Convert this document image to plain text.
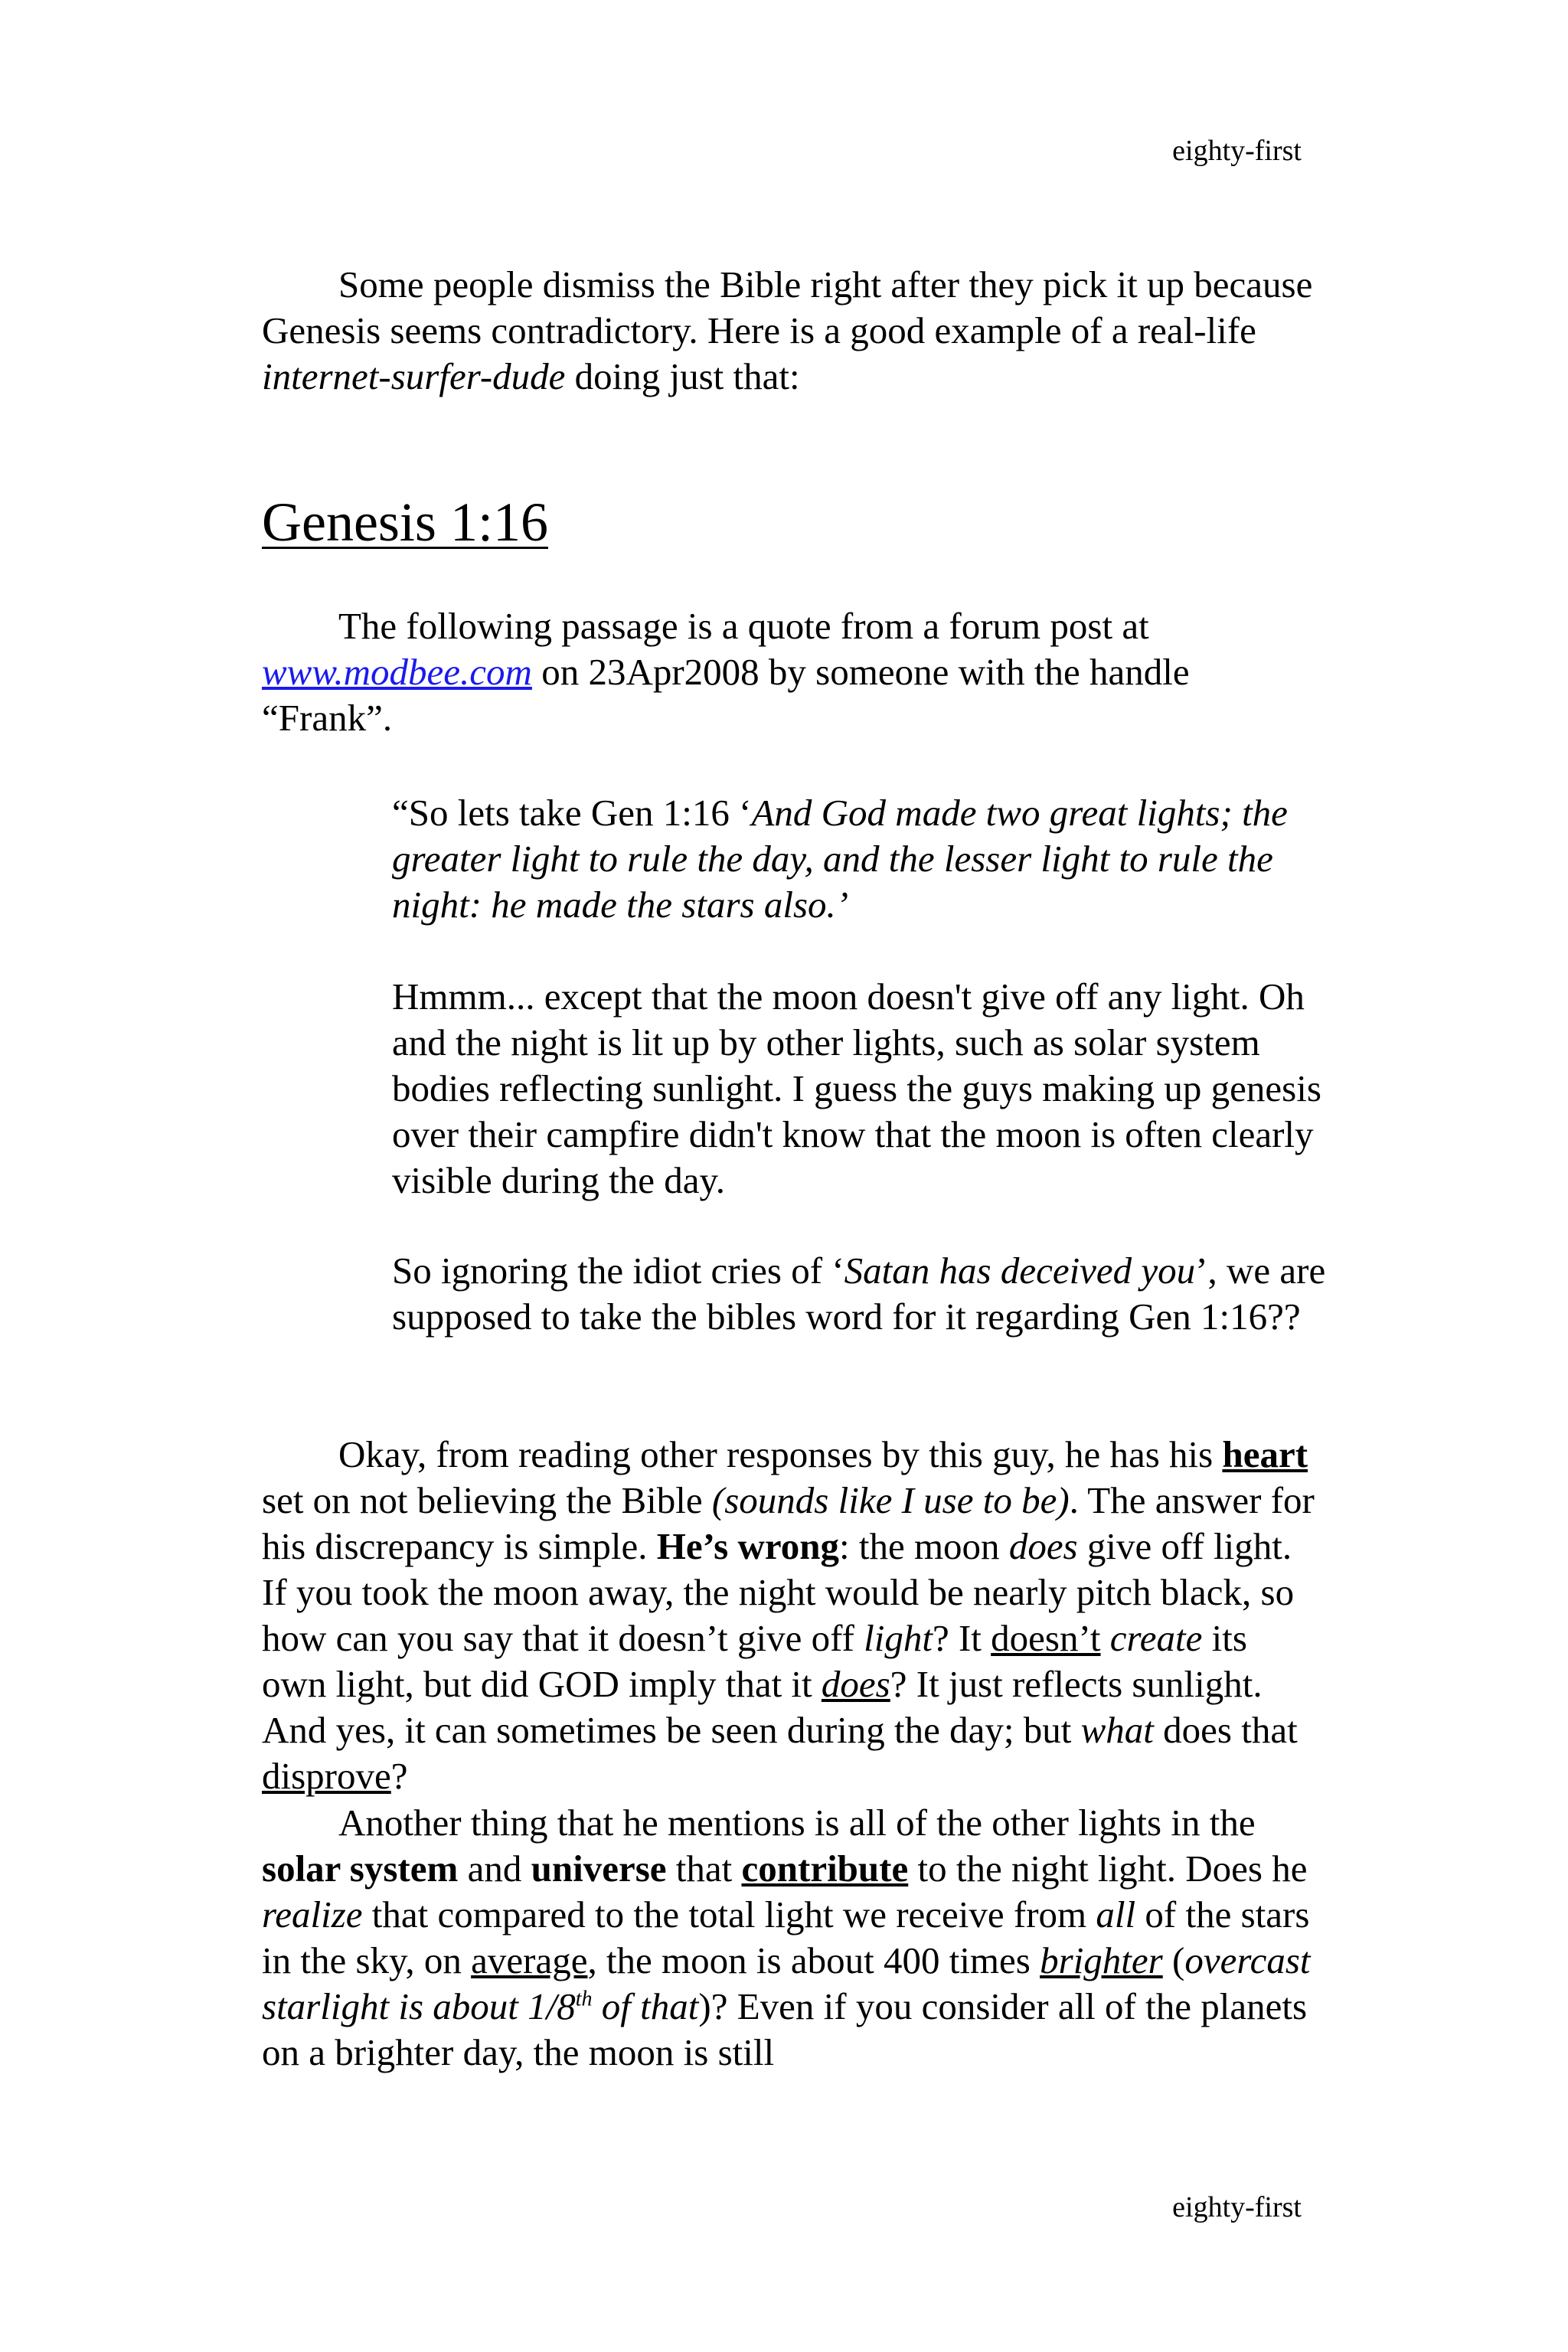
eighty-first

Some people dismiss the Bible right after they pick it up because Genesis seems contradictory. Here is a good example of a real-life internet-surfer-dude doing just that:

Genesis 1:16

The following passage is a quote from a forum post at www.modbee.com on 23Apr2008 by someone with the handle “Frank”.

“So lets take Gen 1:16 ‘And God made two great lights; the greater light to rule the day, and the lesser light to rule the night: he made the stars also.’

Hmmm... except that the moon doesn't give off any light. Oh and the night is lit up by other lights, such as solar system bodies reflecting sunlight. I guess the guys making up genesis over their campfire didn't know that the moon is often clearly visible during the day.

So ignoring the idiot cries of ‘Satan has deceived you’, we are supposed to take the bibles word for it regarding Gen 1:16??

Okay, from reading other responses by this guy, he has his heart set on not believing the Bible (sounds like I use to be). The answer for his discrepancy is simple. He’s wrong: the moon does give off light. If you took the moon away, the night would be nearly pitch black, so how can you say that it doesn’t give off light? It doesn’t create its own light, but did GOD imply that it does? It just reflects sunlight. And yes, it can sometimes be seen during the day; but what does that disprove?

Another thing that he mentions is all of the other lights in the solar system and universe that contribute to the night light. Does he realize that compared to the total light we receive from all of the stars in the sky, on average, the moon is about 400 times brighter (overcast starlight is about 1/8th of that)? Even if you consider all of the planets on a brighter day, the moon is still

eighty-first
